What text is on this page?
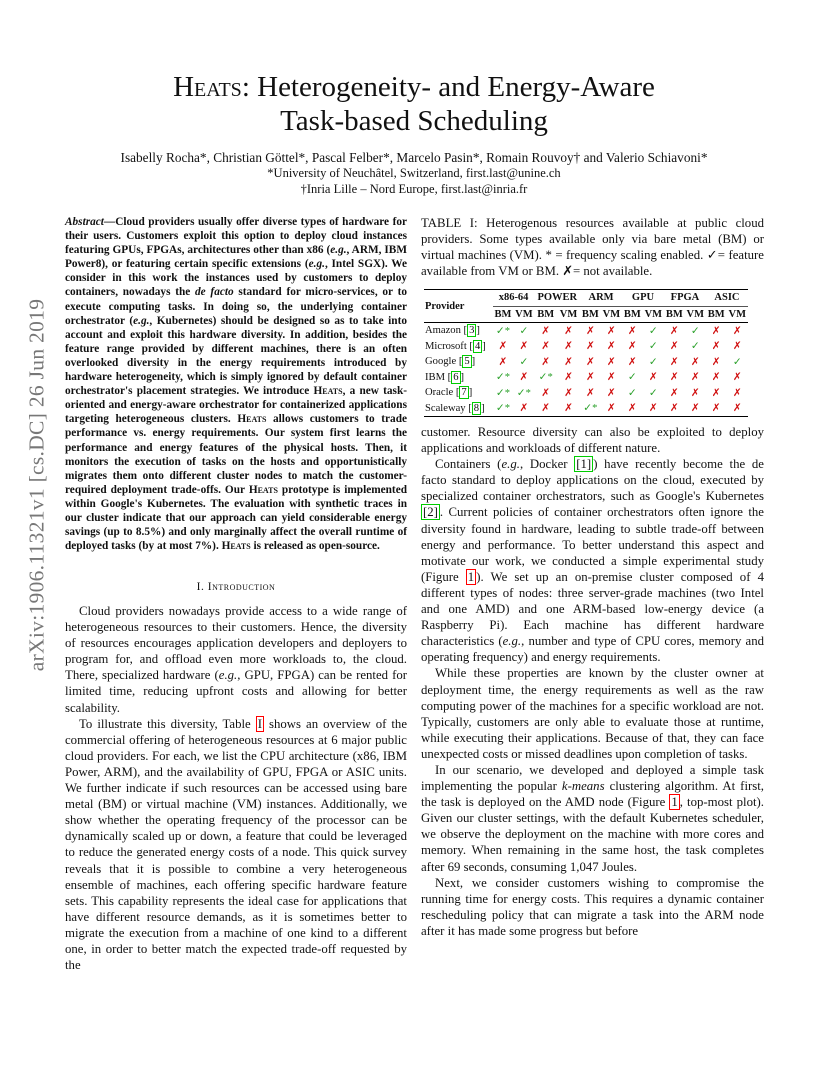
Heats: Heterogeneity- and Energy-Aware
Task-based Scheduling
Isabelly Rocha*, Christian Göttel*, Pascal Felber*, Marcelo Pasin*, Romain Rouvoy† and Valerio Schiavoni*
*University of Neuchâtel, Switzerland, first.last@unine.ch
†Inria Lille – Nord Europe, first.last@inria.fr
arXiv:1906.11321v1 [cs.DC] 26 Jun 2019
Abstract—Cloud providers usually offer diverse types of hardware for their users. Customers exploit this option to deploy cloud instances featuring GPUs, FPGAs, architectures other than x86 (e.g., ARM, IBM Power8), or featuring certain specific extensions (e.g., Intel SGX). We consider in this work the instances used by customers to deploy containers, nowadays the de facto standard for micro-services, or to execute computing tasks. In doing so, the underlying container orchestrator (e.g., Kubernetes) should be designed so as to take into account and exploit this hardware diversity. In addition, besides the feature range provided by different machines, there is an often overlooked diversity in the energy requirements introduced by hardware heterogeneity, which is simply ignored by default container orchestrator's placement strategies. We introduce Heats, a new task-oriented and energy-aware orchestrator for containerized applications targeting heterogeneous clusters. Heats allows customers to trade performance vs. energy requirements. Our system first learns the performance and energy features of the physical hosts. Then, it monitors the execution of tasks on the hosts and opportunistically migrates them onto different cluster nodes to match the customer-required deployment trade-offs. Our Heats prototype is implemented within Google's Kubernetes. The evaluation with synthetic traces in our cluster indicate that our approach can yield considerable energy savings (up to 8.5%) and only marginally affect the overall runtime of deployed tasks (by at most 7%). Heats is released as open-source.
I. Introduction

Cloud providers nowadays provide access to a wide range of heterogeneous resources to their customers. Hence, the diversity of resources encourages application developers and deployers to program for, and offload even more workloads to, the cloud. There, specialized hardware (e.g., GPU, FPGA) can be rented for limited time, reducing upfront costs and allowing for better scalability.

To illustrate this diversity, Table I shows an overview of the commercial offering of heterogeneous resources at 6 major public cloud providers. For each, we list the CPU architecture (x86, IBM Power, ARM), and the availability of GPU, FPGA or ASIC units. We further indicate if such resources can be accessed using bare metal (BM) or virtual machine (VM) instances. Additionally, we show whether the operating frequency of the processor can be dynamically scaled up or down, a feature that could be leveraged to reduce the generated energy costs of a node. This quick survey reveals that it is possible to combine a very heterogeneous ensemble of machines, each offering specific hardware feature sets. This capability represents the ideal case for applications that have different resource demands, as it is sometimes better to migrate the execution from a machine of one kind to a different one, in order to better match the expected trade-off requested by the

TABLE I: Heterogenous resources available at public cloud providers. Some types available only via bare metal (BM) or virtual machines (VM). * = frequency scaling enabled. ✓= feature available from VM or BM. ✗= not available.
Provider	x86-64		POWER		ARM		GPU		FPGA		ASIC	
	BM	VM	BM	VM	BM	VM	BM	VM	BM	VM	BM	VM
Amazon [ 3 ]	✓*	✓	✗	✗	✗	✗	✗	✓	✗	✓	✗	✗
Microsoft [ 4 ]	✗	✗	✗	✗	✗	✗	✗	✓	✗	✓	✗	✗
Google [ 5 ]	✗	✓	✗	✗	✗	✗	✗	✓	✗	✗	✗	✓
IBM [ 6 ]	✓*	✗	✓*	✗	✗	✗	✓	✗	✗	✗	✗	✗
Oracle [ 7 ]	✓*	✓*	✗	✗	✗	✗	✓	✓	✗	✗	✗	✗
Scaleway [ 8 ]	✓*	✗	✗	✗	✓*	✗	✗	✗	✗	✗	✗	✗

customer. Resource diversity can also be exploited to deploy applications and workloads of different nature.

Containers (e.g., Docker [1] ) have recently become the de facto standard to deploy applications on the cloud, executed by specialized container orchestrators, such as Google's Kubernetes [2] . Current policies of container orchestrators often ignore the diversity found in hardware, leading to subtle trade-off between energy and performance. To better understand this aspect and motivate our work, we conducted a simple experimental study (Figure 1 ). We set up an on-premise cluster composed of 4 different types of nodes: three server-grade machines (two Intel and one AMD) and one ARM-based low-energy device (a Raspberry Pi). Each machine has different hardware characteristics (e.g., number and type of CPU cores, memory and operating frequency) and energy requirements.

While these properties are known by the cluster owner at deployment time, the energy requirements as well as the raw computing power of the machines for a specific workload are not. Typically, customers are only able to evaluate those at runtime, while executing their applications. Because of that, they can face unexpected costs or missed deadlines upon completion of tasks.

In our scenario, we developed and deployed a simple task implementing the popular k-means clustering algorithm. At first, the task is deployed on the AMD node (Figure 1 , top-most plot). Given our cluster settings, with the default Kubernetes scheduler, we observe the deployment on the machine with more cores and memory. When remaining in the same host, the task completes after 69 seconds, consuming 1,047 Joules.

Next, we consider customers wishing to compromise the running time for energy costs. This requires a dynamic container rescheduling policy that can migrate a task into the ARM node after it has made some progress but before
